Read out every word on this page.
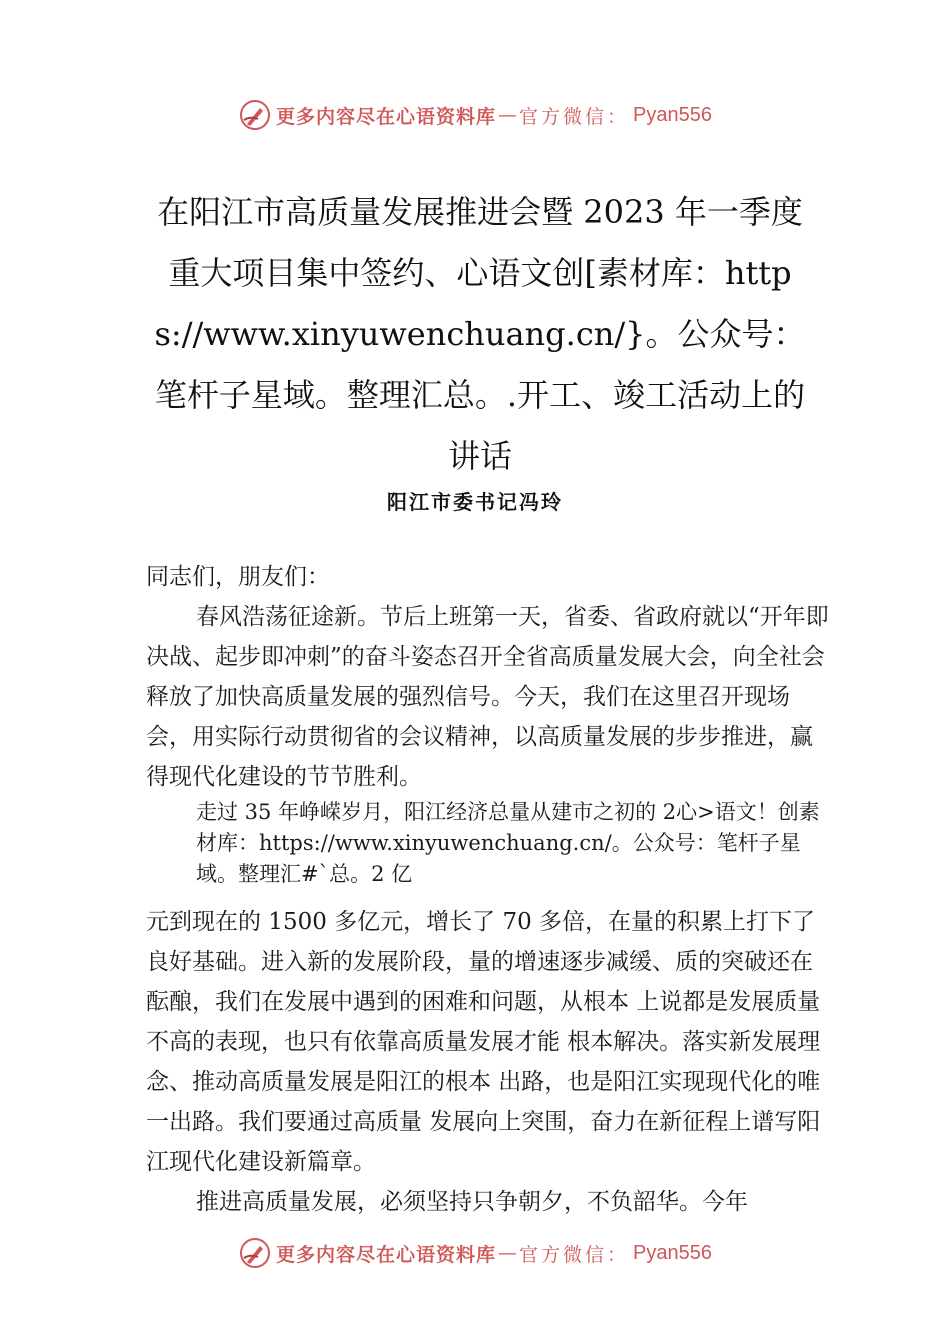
更多内容尽在心语资料库 — 官方微信： Pyan556
在阳江市高质量发展推进会暨 2023 年一季度重大项目集中签约、心语文创[素材库：https://www.xinyuwenchuang.cn/}。公众号：笔杆子星域。整理汇总。.开工、竣工活动上的讲话
阳江市委书记冯玲

同志们，朋友们：

春风浩荡征途新。节后上班第一天，省委、省政府就以“开年即决战、起步即冲刺”的奋斗姿态召开全省高质量发展大会，向全社会释放了加快高质量发展的强烈信号。今天，我们在这里召开现场会，用实际行动贯彻省的会议精神，以高质量发展的步步推进，赢得现代化建设的节节胜利。

走过 35 年峥嵘岁月，阳江经济总量从建市之初的 2心>语文！创素材库：https://www.xinyuwenchuang.cn/。公众号：笔杆子星域。整理汇#`总。2 亿

元到现在的 1500 多亿元，增长了 70 多倍，在量的积累上打下了良好基础。进入新的发展阶段，量的增速逐步减缓、质的突破还在酝酿，我们在发展中遇到的困难和问题，从根本 上说都是发展质量不高的表现，也只有依靠高质量发展才能 根本解决。落实新发展理念、推动高质量发展是阳江的根本 出路，也是阳江实现现代化的唯一出路。我们要通过高质量 发展向上突围，奋力在新征程上谱写阳江现代化建设新篇章。

推进高质量发展，必须坚持只争朝夕，不负韶华。今年

更多内容尽在心语资料库 — 官方微信： Pyan556
